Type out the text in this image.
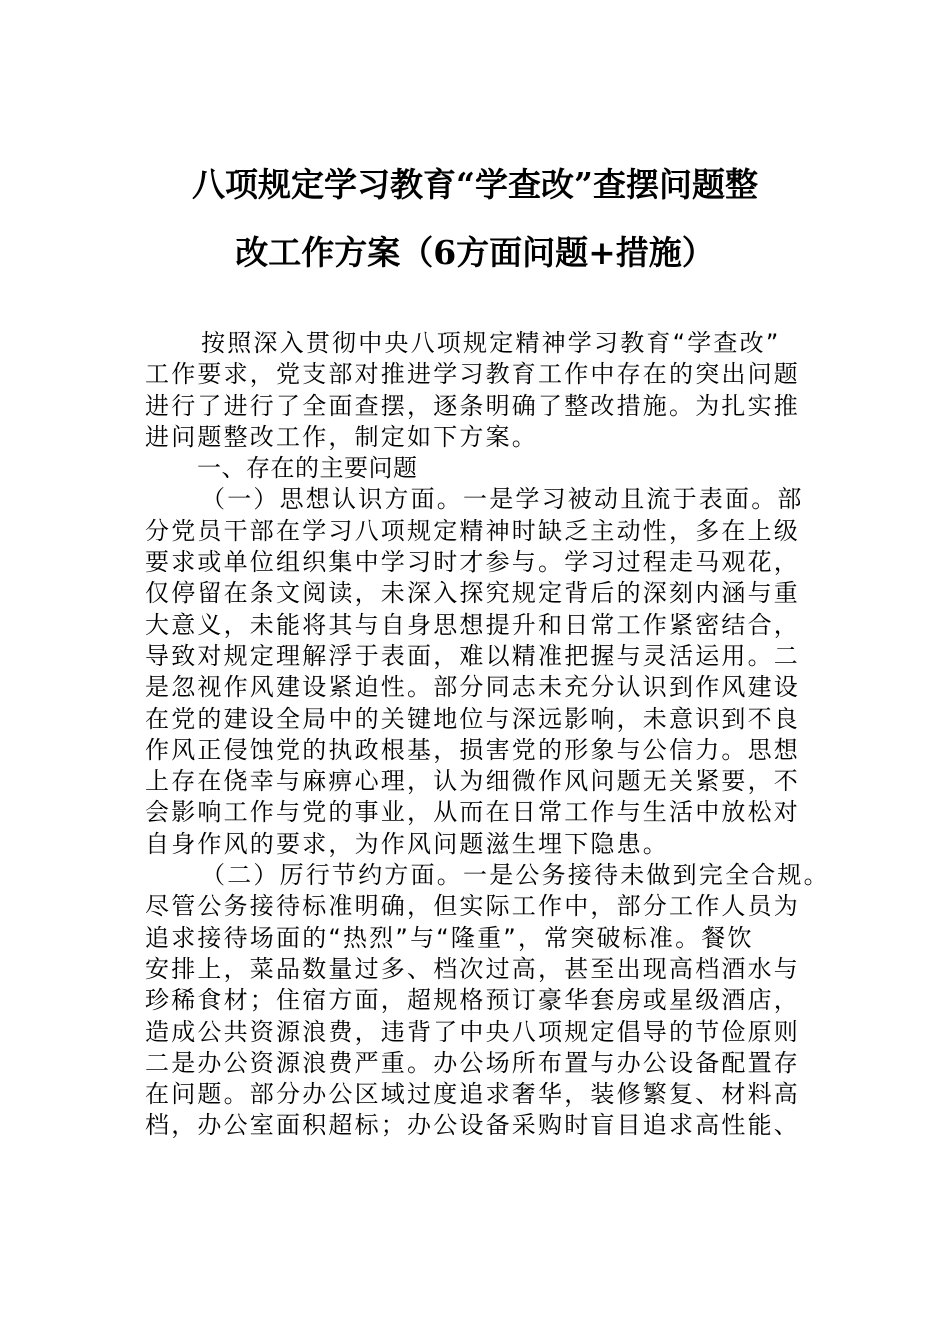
八项规定学习教育“学查改”查摆问题整
改工作方案（6方面问题+措施）
按照深入贯彻中央八项规定精神学习教育“学查改”
工作要求，党支部对推进学习教育工作中存在的突出问题
进行了进行了全面查摆，逐条明确了整改措施。为扎实推
进问题整改工作，制定如下方案。
一、存在的主要问题
（一）思想认识方面。一是学习被动且流于表面。部
分党员干部在学习八项规定精神时缺乏主动性，多在上级
要求或单位组织集中学习时才参与。学习过程走马观花，
仅停留在条文阅读，未深入探究规定背后的深刻内涵与重
大意义，未能将其与自身思想提升和日常工作紧密结合，
导致对规定理解浮于表面，难以精准把握与灵活运用。二
是忽视作风建设紧迫性。部分同志未充分认识到作风建设
在党的建设全局中的关键地位与深远影响，未意识到不良
作风正侵蚀党的执政根基，损害党的形象与公信力。思想
上存在侥幸与麻痹心理，认为细微作风问题无关紧要，不
会影响工作与党的事业，从而在日常工作与生活中放松对
自身作风的要求，为作风问题滋生埋下隐患。
（二）厉行节约方面。一是公务接待未做到完全合规。
尽管公务接待标准明确，但实际工作中，部分工作人员为
追求接待场面的“热烈”与“隆重”，常突破标准。餐饮
安排上，菜品数量过多、档次过高，甚至出现高档酒水与
珍稀食材；住宿方面，超规格预订豪华套房或星级酒店，
造成公共资源浪费，违背了中央八项规定倡导的节俭原则
二是办公资源浪费严重。办公场所布置与办公设备配置存
在问题。部分办公区域过度追求奢华，装修繁复、材料高
档，办公室面积超标；办公设备采购时盲目追求高性能、
